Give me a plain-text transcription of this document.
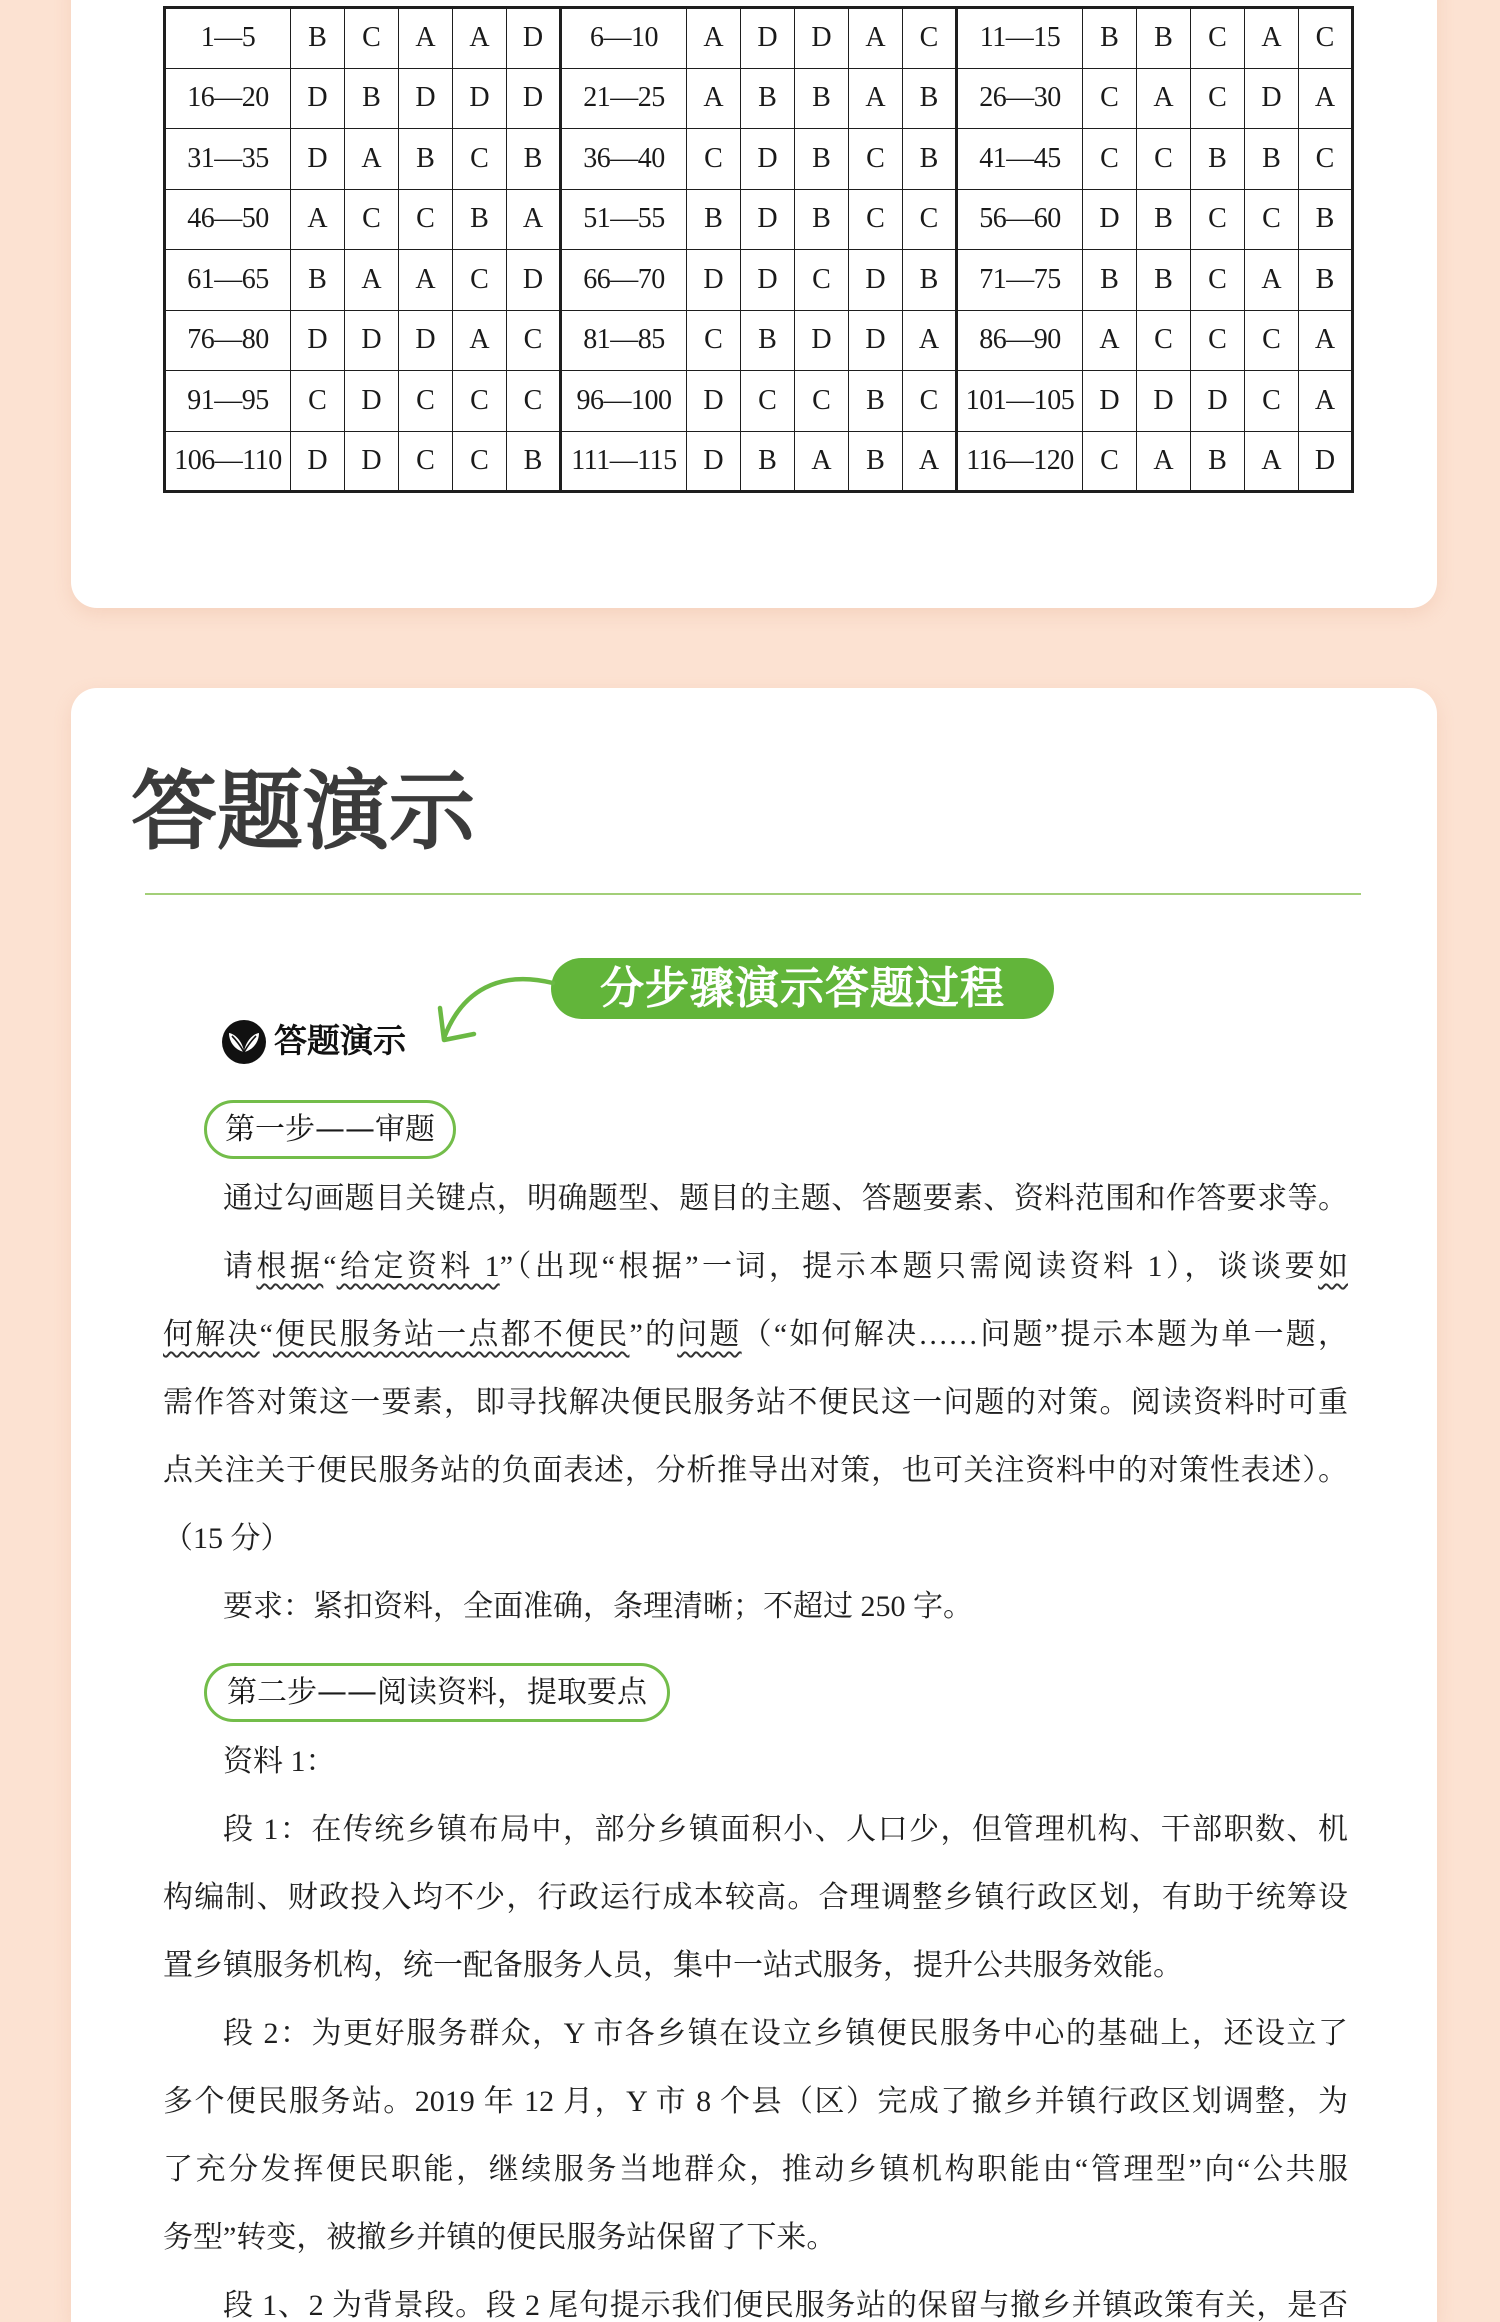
1—5	B	C	A	A	D	6—10	A	D	D	A	C	11—15	B	B	C	A	C
16—20	D	B	D	D	D	21—25	A	B	B	A	B	26—30	C	A	C	D	A
31—35	D	A	B	C	B	36—40	C	D	B	C	B	41—45	C	C	B	B	C
46—50	A	C	C	B	A	51—55	B	D	B	C	C	56—60	D	B	C	C	B
61—65	B	A	A	C	D	66—70	D	D	C	D	B	71—75	B	B	C	A	B
76—80	D	D	D	A	C	81—85	C	B	D	D	A	86—90	A	C	C	C	A
91—95	C	D	C	C	C	96—100	D	C	C	B	C	101—105	D	D	D	C	A
106—110	D	D	C	C	B	111—115	D	B	A	B	A	116—120	C	A	B	A	D
答题演示
分步骤演示答题过程
答题演示
第一步——审题
通过勾画题目关键点，明确题型、题目的主题、答题要素、资料范围和作答要求等。
请根据“给定资料 1”（出现“根据”一词，提示本题只需阅读资料 1），谈谈要如
何解决“便民服务站一点都不便民”的问题（“如何解决……问题”提示本题为单一题，
需作答对策这一要素，即寻找解决便民服务站不便民这一问题的对策。阅读资料时可重
点关注关于便民服务站的负面表述，分析推导出对策，也可关注资料中的对策性表述）。
（15 分）
要求：紧扣资料，全面准确，条理清晰；不超过 250 字。
第二步——阅读资料，提取要点
资料 1：
段 1：在传统乡镇布局中，部分乡镇面积小、人口少，但管理机构、干部职数、机
构编制、财政投入均不少，行政运行成本较高。合理调整乡镇行政区划，有助于统筹设
置乡镇服务机构，统一配备服务人员，集中一站式服务，提升公共服务效能。
段 2：为更好服务群众，Y 市各乡镇在设立乡镇便民服务中心的基础上，还设立了
多个便民服务站。2019 年 12 月，Y 市 8 个县（区）完成了撤乡并镇行政区划调整，为
了充分发挥便民职能，继续服务当地群众，推动乡镇机构职能由“管理型”向“公共服
务型”转变，被撤乡并镇的便民服务站保留了下来。
段 1、2 为背景段。段 2 尾句提示我们便民服务站的保留与撤乡并镇政策有关，是否
